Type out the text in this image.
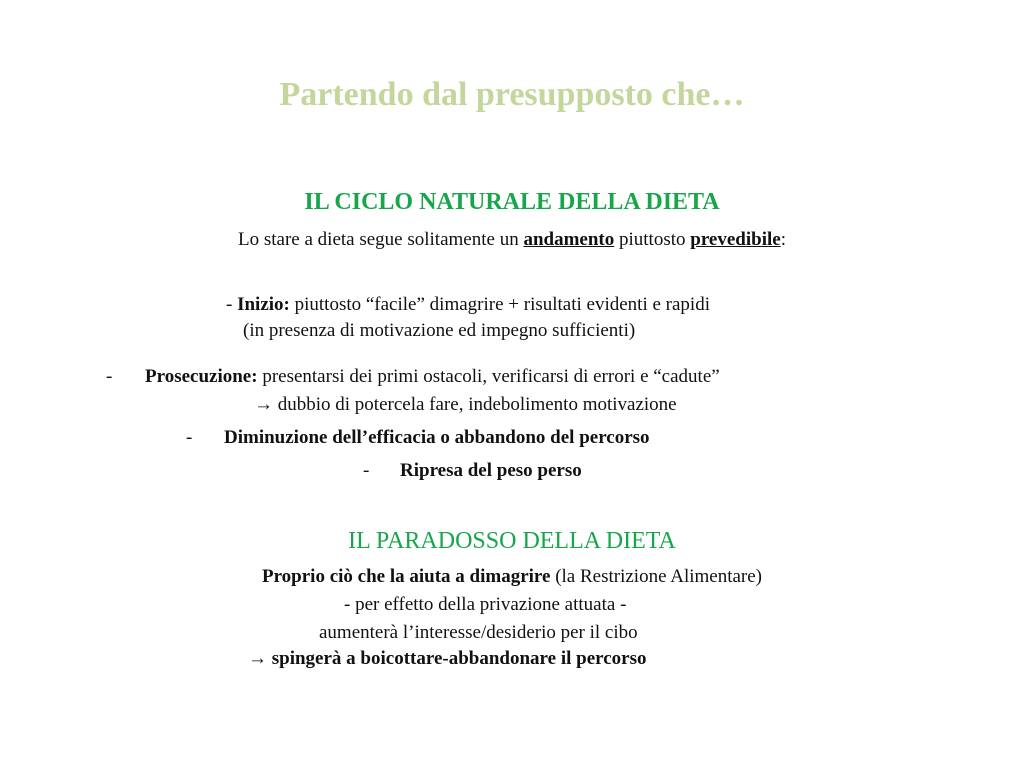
Partendo dal presupposto che…
IL CICLO NATURALE DELLA DIETA
Lo stare a dieta segue solitamente un andamento piuttosto prevedibile:
- Inizio: piuttosto “facile” dimagrire + risultati evidenti e rapidi
(in presenza di motivazione ed impegno sufficienti)
- Prosecuzione: presentarsi dei primi ostacoli, verificarsi di errori e “cadute”
→ dubbio di potercela fare, indebolimento motivazione
- Diminuzione dell’efficacia o abbandono del percorso
- Ripresa del peso perso
IL PARADOSSO DELLA DIETA
Proprio ciò che la aiuta a dimagrire (la Restrizione Alimentare)
- per effetto della privazione attuata -
aumenterà l’interesse/desiderio per il cibo
→ spingerà a boicottare-abbandonare il percorso
